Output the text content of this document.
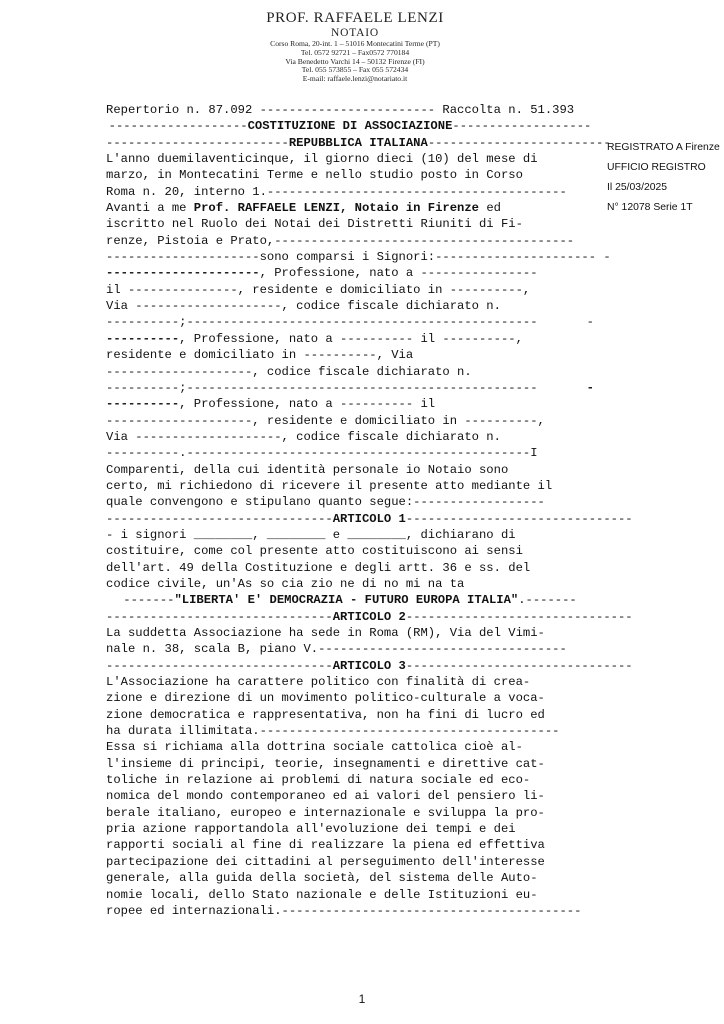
PROF. RAFFAELE LENZI
NOTAIO
Corso Roma, 20-int. 1 – 51016 Montecatini Terme (PT)
Tel. 0572 92721 – Fax0572 770184
Via Benedetto Varchi 14 – 50132 Firenze (FI)
Tel. 055 573855 – Fax 055 572434
E-mail: raffaele.lenzi@notariato.it
REGISTRATO A Firenze
UFFICIO REGISTRO
Il 25/03/2025
N° 12078 Serie 1T
Repertorio n. 87.092 ------------------------ Raccolta n. 51.393
-------------------COSTITUZIONE DI ASSOCIAZIONE-------------------
-------------------------REPUBBLICA ITALIANA-------------------------
L'anno duemilaventicinque, il giorno dieci (10) del mese di
marzo, in Montecatini Terme e nello studio posto in Corso
Roma n. 20, interno 1.-----------------------------------------
Avanti a me Prof. RAFFAELE LENZI, Notaio in Firenze ed
iscritto nel Ruolo dei Notai dei Distretti Riuniti di Fi-
renze, Pistoia e Prato,-----------------------------------------
---------------------sono comparsi i Signori:---------------------- -
---------------------, Professione, nato a ----------------
il ---------------, residente e domiciliato in ----------,
Via --------------------, codice fiscale dichiarato n.
----------;------------------------------------------------	-
----------, Professione, nato a ---------- il ----------,
residente e domiciliato in ----------, Via
--------------------, codice fiscale dichiarato n.
----------;------------------------------------------------	-
----------, Professione, nato a ---------- il
--------------------, residente e domiciliato in ----------,
Via --------------------, codice fiscale dichiarato n.
----------.-----------------------------------------------I
Comparenti, della cui identità personale io Notaio sono
certo, mi richiedono di ricevere il presente atto mediante il
quale convengono e stipulano quanto segue:------------------
-------------------------------ARTICOLO 1-------------------------------
- i signori ________, ________ e ________, dichiarano di
costituire, come col presente atto costituiscono ai sensi
dell'art. 49 della Costituzione e degli artt. 36 e ss. del
codice civile, un'As so cia zio ne di no mi na ta
-------"LIBERTA' E' DEMOCRAZIA - FUTURO EUROPA ITALIA".-------
-------------------------------ARTICOLO 2-------------------------------
La suddetta Associazione ha sede in Roma (RM), Via del Vimi-
nale n. 38, scala B, piano V.----------------------------------
-------------------------------ARTICOLO 3-------------------------------
L'Associazione ha carattere politico con finalità di crea-
zione e direzione di un movimento politico-culturale a voca-
zione democratica e rappresentativa, non ha fini di lucro ed
ha durata illimitata.-----------------------------------------
Essa si richiama alla dottrina sociale cattolica cioè al-
l'insieme di principi, teorie, insegnamenti e direttive cat-
toliche in relazione ai problemi di natura sociale ed eco-
nomica del mondo contemporaneo ed ai valori del pensiero li-
berale italiano, europeo e internazionale e sviluppa la pro-
pria azione rapportandola all'evoluzione dei tempi e dei
rapporti sociali al fine di realizzare la piena ed effettiva
partecipazione dei cittadini al perseguimento dell'interesse
generale, alla guida della società, del sistema delle Auto-
nomie locali, dello Stato nazionale e delle Istituzioni eu-
ropee ed internazionali.-----------------------------------------
1
